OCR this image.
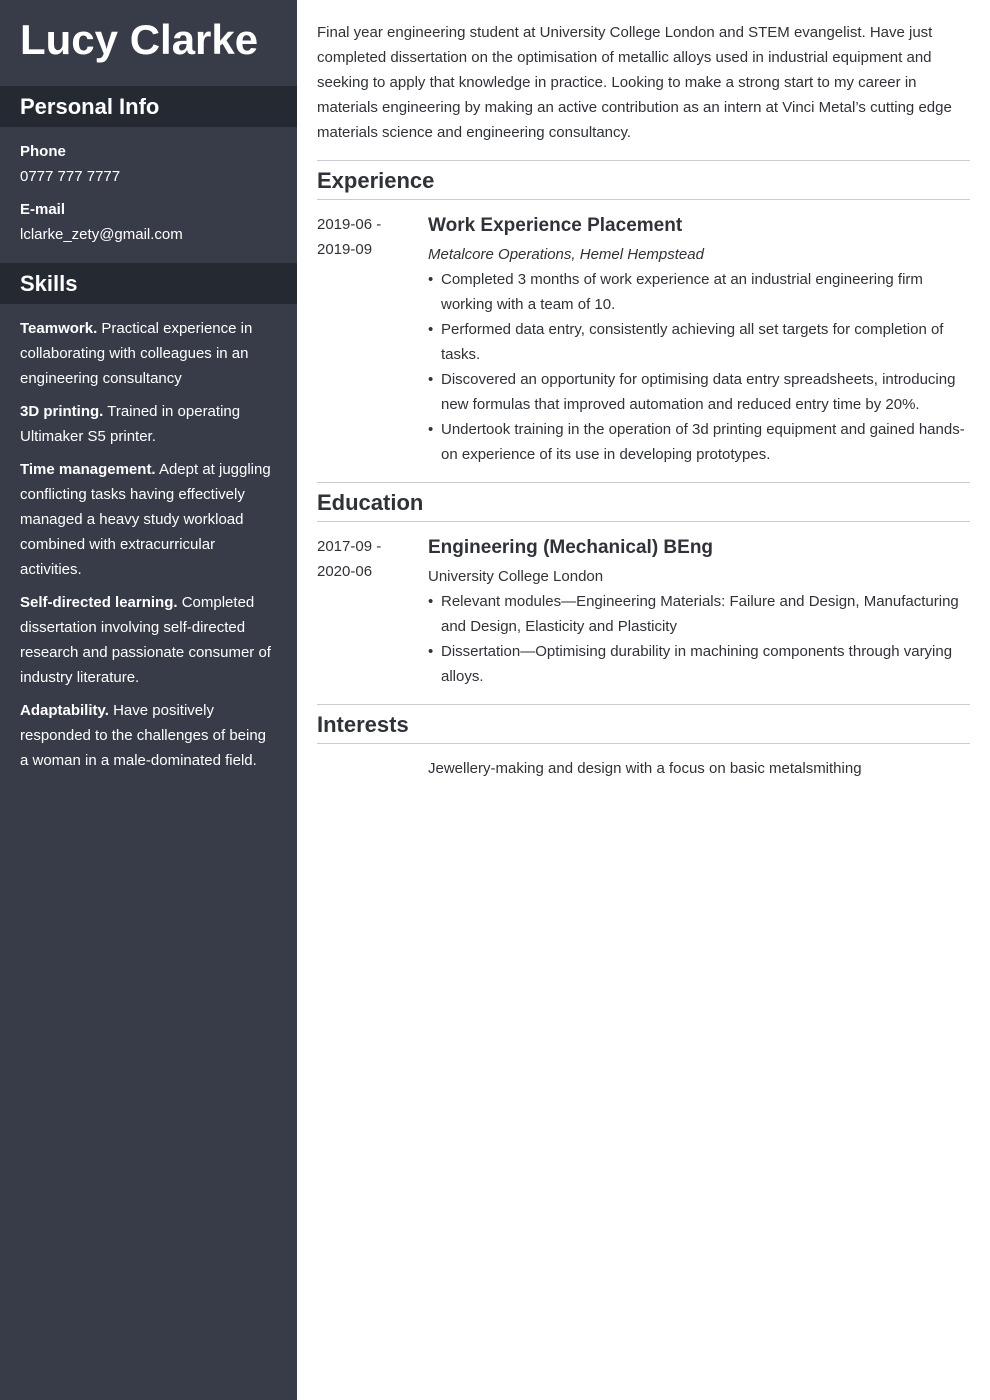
Lucy Clarke
Personal Info
Phone
0777 777 7777
E-mail
lclarke_zety@gmail.com
Skills
Teamwork. Practical experience in collaborating with colleagues in an engineering consultancy
3D printing. Trained in operating Ultimaker S5 printer.
Time management. Adept at juggling conflicting tasks having effectively managed a heavy study workload combined with extracurricular activities.
Self-directed learning. Completed dissertation involving self-directed research and passionate consumer of industry literature.
Adaptability. Have positively responded to the challenges of being a woman in a male-dominated field.

Final year engineering student at University College London and STEM evangelist. Have just completed dissertation on the optimisation of metallic alloys used in industrial equipment and seeking to apply that knowledge in practice. Looking to make a strong start to my career in materials engineering by making an active contribution as an intern at Vinci Metal’s cutting edge materials science and engineering consultancy.

Experience
2019-06 -
2019-09
Work Experience Placement
Metalcore Operations, Hemel Hempstead
• Completed 3 months of work experience at an industrial engineering firm working with a team of 10.
• Performed data entry, consistently achieving all set targets for completion of tasks.
• Discovered an opportunity for optimising data entry spreadsheets, introducing new formulas that improved automation and reduced entry time by 20%.
• Undertook training in the operation of 3d printing equipment and gained hands-on experience of its use in developing prototypes.
Education
2017-09 -
2020-06
Engineering (Mechanical) BEng
University College London
• Relevant modules—Engineering Materials: Failure and Design, Manufacturing and Design, Elasticity and Plasticity
• Dissertation—Optimising durability in machining components through varying alloys.
Interests
Jewellery-making and design with a focus on basic metalsmithing
